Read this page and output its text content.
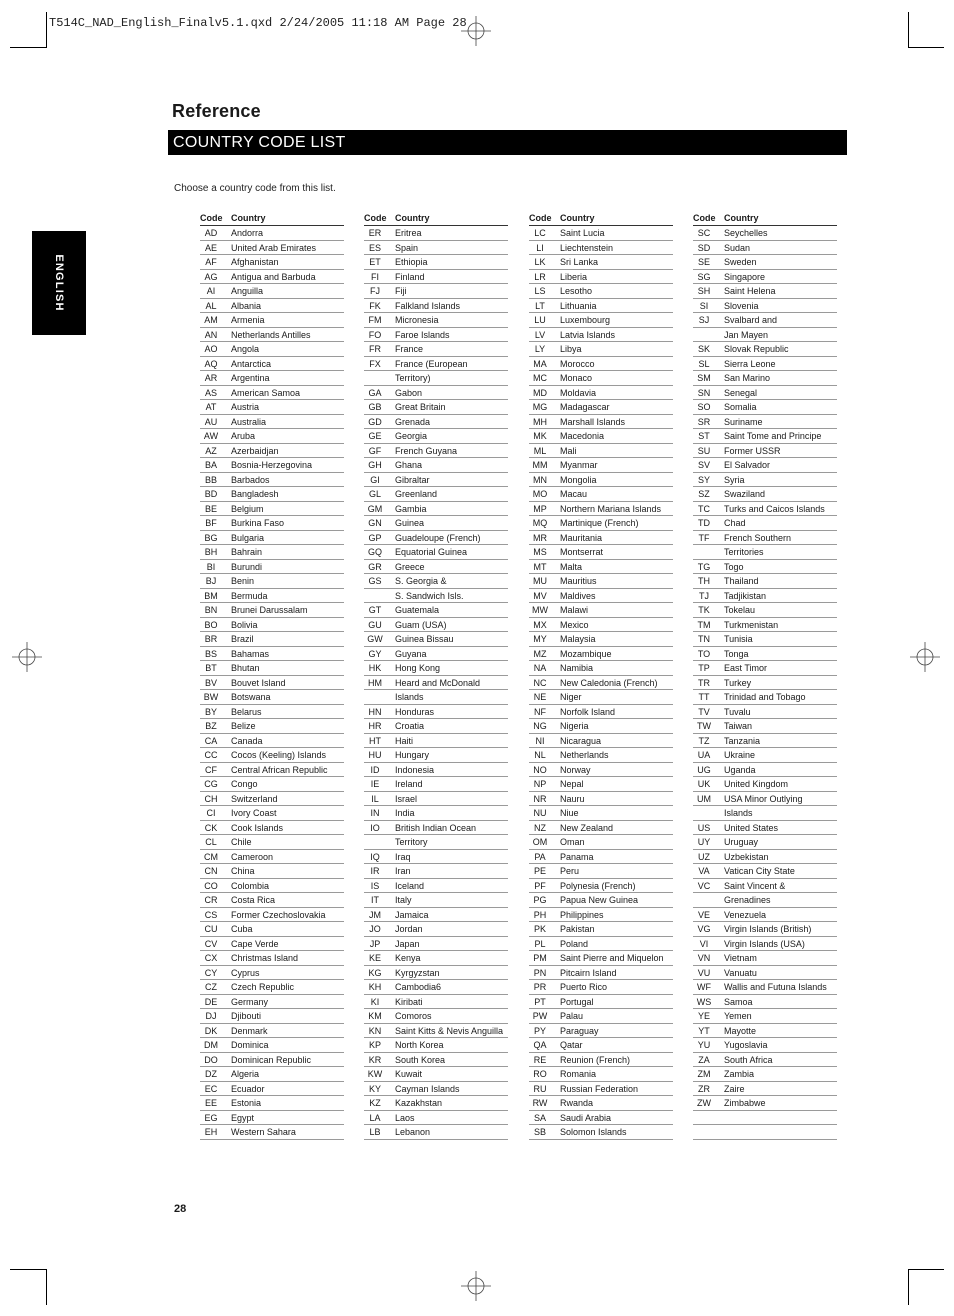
T514C_NAD_English_Finalv5.1.qxd 2/24/2005 11:18 AM Page 28
Reference
COUNTRY CODE LIST
ENGLISH
Choose a country code from this list.
Code Country
AD	Andorra
AE	United Arab Emirates
AF	Afghanistan
AG	Antigua and Barbuda
AI	Anguilla
AL	Albania
AM	Armenia
AN	Netherlands Antilles
AO	Angola
AQ	Antarctica
AR	Argentina
AS	American Samoa
AT	Austria
AU	Australia
AW	Aruba
AZ	Azerbaidjan
BA	Bosnia-Herzegovina
BB	Barbados
BD	Bangladesh
BE	Belgium
BF	Burkina Faso
BG	Bulgaria
BH	Bahrain
BI	Burundi
BJ	Benin
BM	Bermuda
BN	Brunei Darussalam
BO	Bolivia
BR	Brazil
BS	Bahamas
BT	Bhutan
BV	Bouvet Island
BW	Botswana
BY	Belarus
BZ	Belize
CA	Canada
CC	Cocos (Keeling) Islands
CF	Central African Republic
CG	Congo
CH	Switzerland
CI	Ivory Coast
CK	Cook Islands
CL	Chile
CM	Cameroon
CN	China
CO	Colombia
CR	Costa Rica
CS	Former Czechoslovakia
CU	Cuba
CV	Cape Verde
CX	Christmas Island
CY	Cyprus
CZ	Czech Republic
DE	Germany
DJ	Djibouti
DK	Denmark
DM	Dominica
DO	Dominican Republic
DZ	Algeria
EC	Ecuador
EE	Estonia
EG	Egypt
EH	Western Sahara
Code Country
ER	Eritrea
ES	Spain
ET	Ethiopia
FI	Finland
FJ	Fiji
FK	Falkland Islands
FM	Micronesia
FO	Faroe Islands
FR	France
FX	France (European
Territory)
GA	Gabon
GB	Great Britain
GD	Grenada
GE	Georgia
GF	French Guyana
GH	Ghana
GI	Gibraltar
GL	Greenland
GM	Gambia
GN	Guinea
GP	Guadeloupe (French)
GQ	Equatorial Guinea
GR	Greece
GS	S. Georgia &
S. Sandwich Isls.
GT	Guatemala
GU	Guam (USA)
GW	Guinea Bissau
GY	Guyana
HK	Hong Kong
HM	Heard and McDonald
Islands
HN	Honduras
HR	Croatia
HT	Haiti
HU	Hungary
ID	Indonesia
IE	Ireland
IL	Israel
IN	India
IO	British Indian Ocean
Territory
IQ	Iraq
IR	Iran
IS	Iceland
IT	Italy
JM	Jamaica
JO	Jordan
JP	Japan
KE	Kenya
KG	Kyrgyzstan
KH	Cambodia6
KI	Kiribati
KM	Comoros
KN	Saint Kitts & Nevis Anguilla
KP	North Korea
KR	South Korea
KW	Kuwait
KY	Cayman Islands
KZ	Kazakhstan
LA	Laos
LB	Lebanon
Code Country
LC	Saint Lucia
LI	Liechtenstein
LK	Sri Lanka
LR	Liberia
LS	Lesotho
LT	Lithuania
LU	Luxembourg
LV	Latvia Islands
LY	Libya
MA	Morocco
MC	Monaco
MD	Moldavia
MG	Madagascar
MH	Marshall Islands
MK	Macedonia
ML	Mali
MM	Myanmar
MN	Mongolia
MO	Macau
MP	Northern Mariana Islands
MQ	Martinique (French)
MR	Mauritania
MS	Montserrat
MT	Malta
MU	Mauritius
MV	Maldives
MW	Malawi
MX	Mexico
MY	Malaysia
MZ	Mozambique
NA	Namibia
NC	New Caledonia (French)
NE	Niger
NF	Norfolk Island
NG	Nigeria
NI	Nicaragua
NL	Netherlands
NO	Norway
NP	Nepal
NR	Nauru
NU	Niue
NZ	New Zealand
OM	Oman
PA	Panama
PE	Peru
PF	Polynesia (French)
PG	Papua New Guinea
PH	Philippines
PK	Pakistan
PL	Poland
PM	Saint Pierre and Miquelon
PN	Pitcairn Island
PR	Puerto Rico
PT	Portugal
PW	Palau
PY	Paraguay
QA	Qatar
RE	Reunion (French)
RO	Romania
RU	Russian Federation
RW	Rwanda
SA	Saudi Arabia
SB	Solomon Islands
Code Country
SC	Seychelles
SD	Sudan
SE	Sweden
SG	Singapore
SH	Saint Helena
SI	Slovenia
SJ	Svalbard and
Jan Mayen
SK	Slovak Republic
SL	Sierra Leone
SM	San Marino
SN	Senegal
SO	Somalia
SR	Suriname
ST	Saint Tome and Principe
SU	Former USSR
SV	El Salvador
SY	Syria
SZ	Swaziland
TC	Turks and Caicos Islands
TD	Chad
TF	French Southern
Territories
TG	Togo
TH	Thailand
TJ	Tadjikistan
TK	Tokelau
TM	Turkmenistan
TN	Tunisia
TO	Tonga
TP	East Timor
TR	Turkey
TT	Trinidad and Tobago
TV	Tuvalu
TW	Taiwan
TZ	Tanzania
UA	Ukraine
UG	Uganda
UK	United Kingdom
UM	USA Minor Outlying
Islands
US	United States
UY	Uruguay
UZ	Uzbekistan
VA	Vatican City State
VC	Saint Vincent &
Grenadines
VE	Venezuela
VG	Virgin Islands (British)
VI	Virgin Islands (USA)
VN	Vietnam
VU	Vanuatu
WF	Wallis and Futuna Islands
WS	Samoa
YE	Yemen
YT	Mayotte
YU	Yugoslavia
ZA	South Africa
ZM	Zambia
ZR	Zaire
ZW	Zimbabwe
28
